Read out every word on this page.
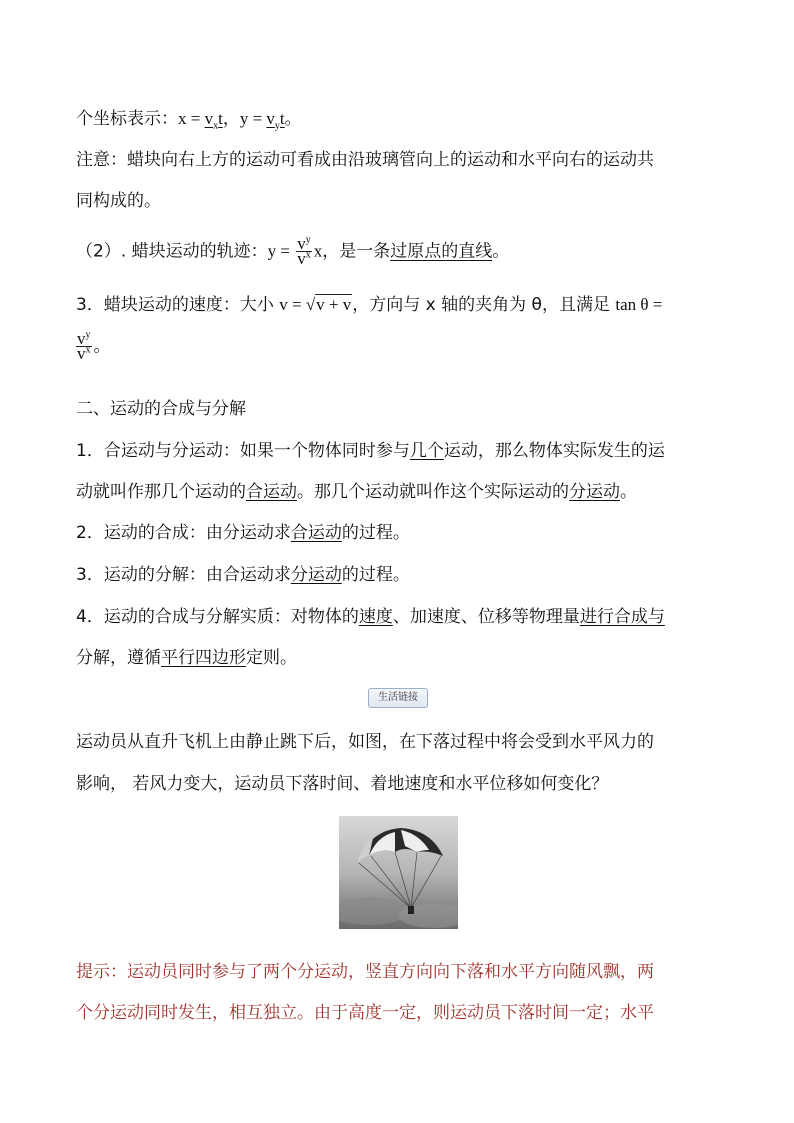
个坐标表示：$x = v_xt$，$y = v_yt$。
注意：蜡块向右上方的运动可看成由沿玻璃管向上的运动和水平向右的运动共
同构成的。
（2）. 蜡块运动的轨迹：$y = \frac{v^y}{v^x}$ x，是一条过原点的直线。
3．蜡块运动的速度：大小 v = √v + v，方向与 x 轴的夹角为 θ，且满足 tan θ =
$\frac{v^y}{v^x}$ 。
二、运动的合成与分解
1．合运动与分运动：如果一个物体同时参与几个运动，那么物体实际发生的运
动就叫作那几个运动的合运动。那几个运动就叫作这个实际运动的分运动。
2．运动的合成：由分运动求合运动的过程。
3．运动的分解：由合运动求分运动的过程。
4．运动的合成与分解实质：对物体的速度、加速度、位移等物理量进行合成与
分解，遵循平行四边形定则。
生活链接
运动员从直升飞机上由静止跳下后，如图，在下落过程中将会受到水平风力的
影响， 若风力变大，运动员下落时间、着地速度和水平位移如何变化？
提示：运动员同时参与了两个分运动，竖直方向向下落和水平方向随风飘，两
个分运动同时发生，相互独立。由于高度一定，则运动员下落时间一定；水平
